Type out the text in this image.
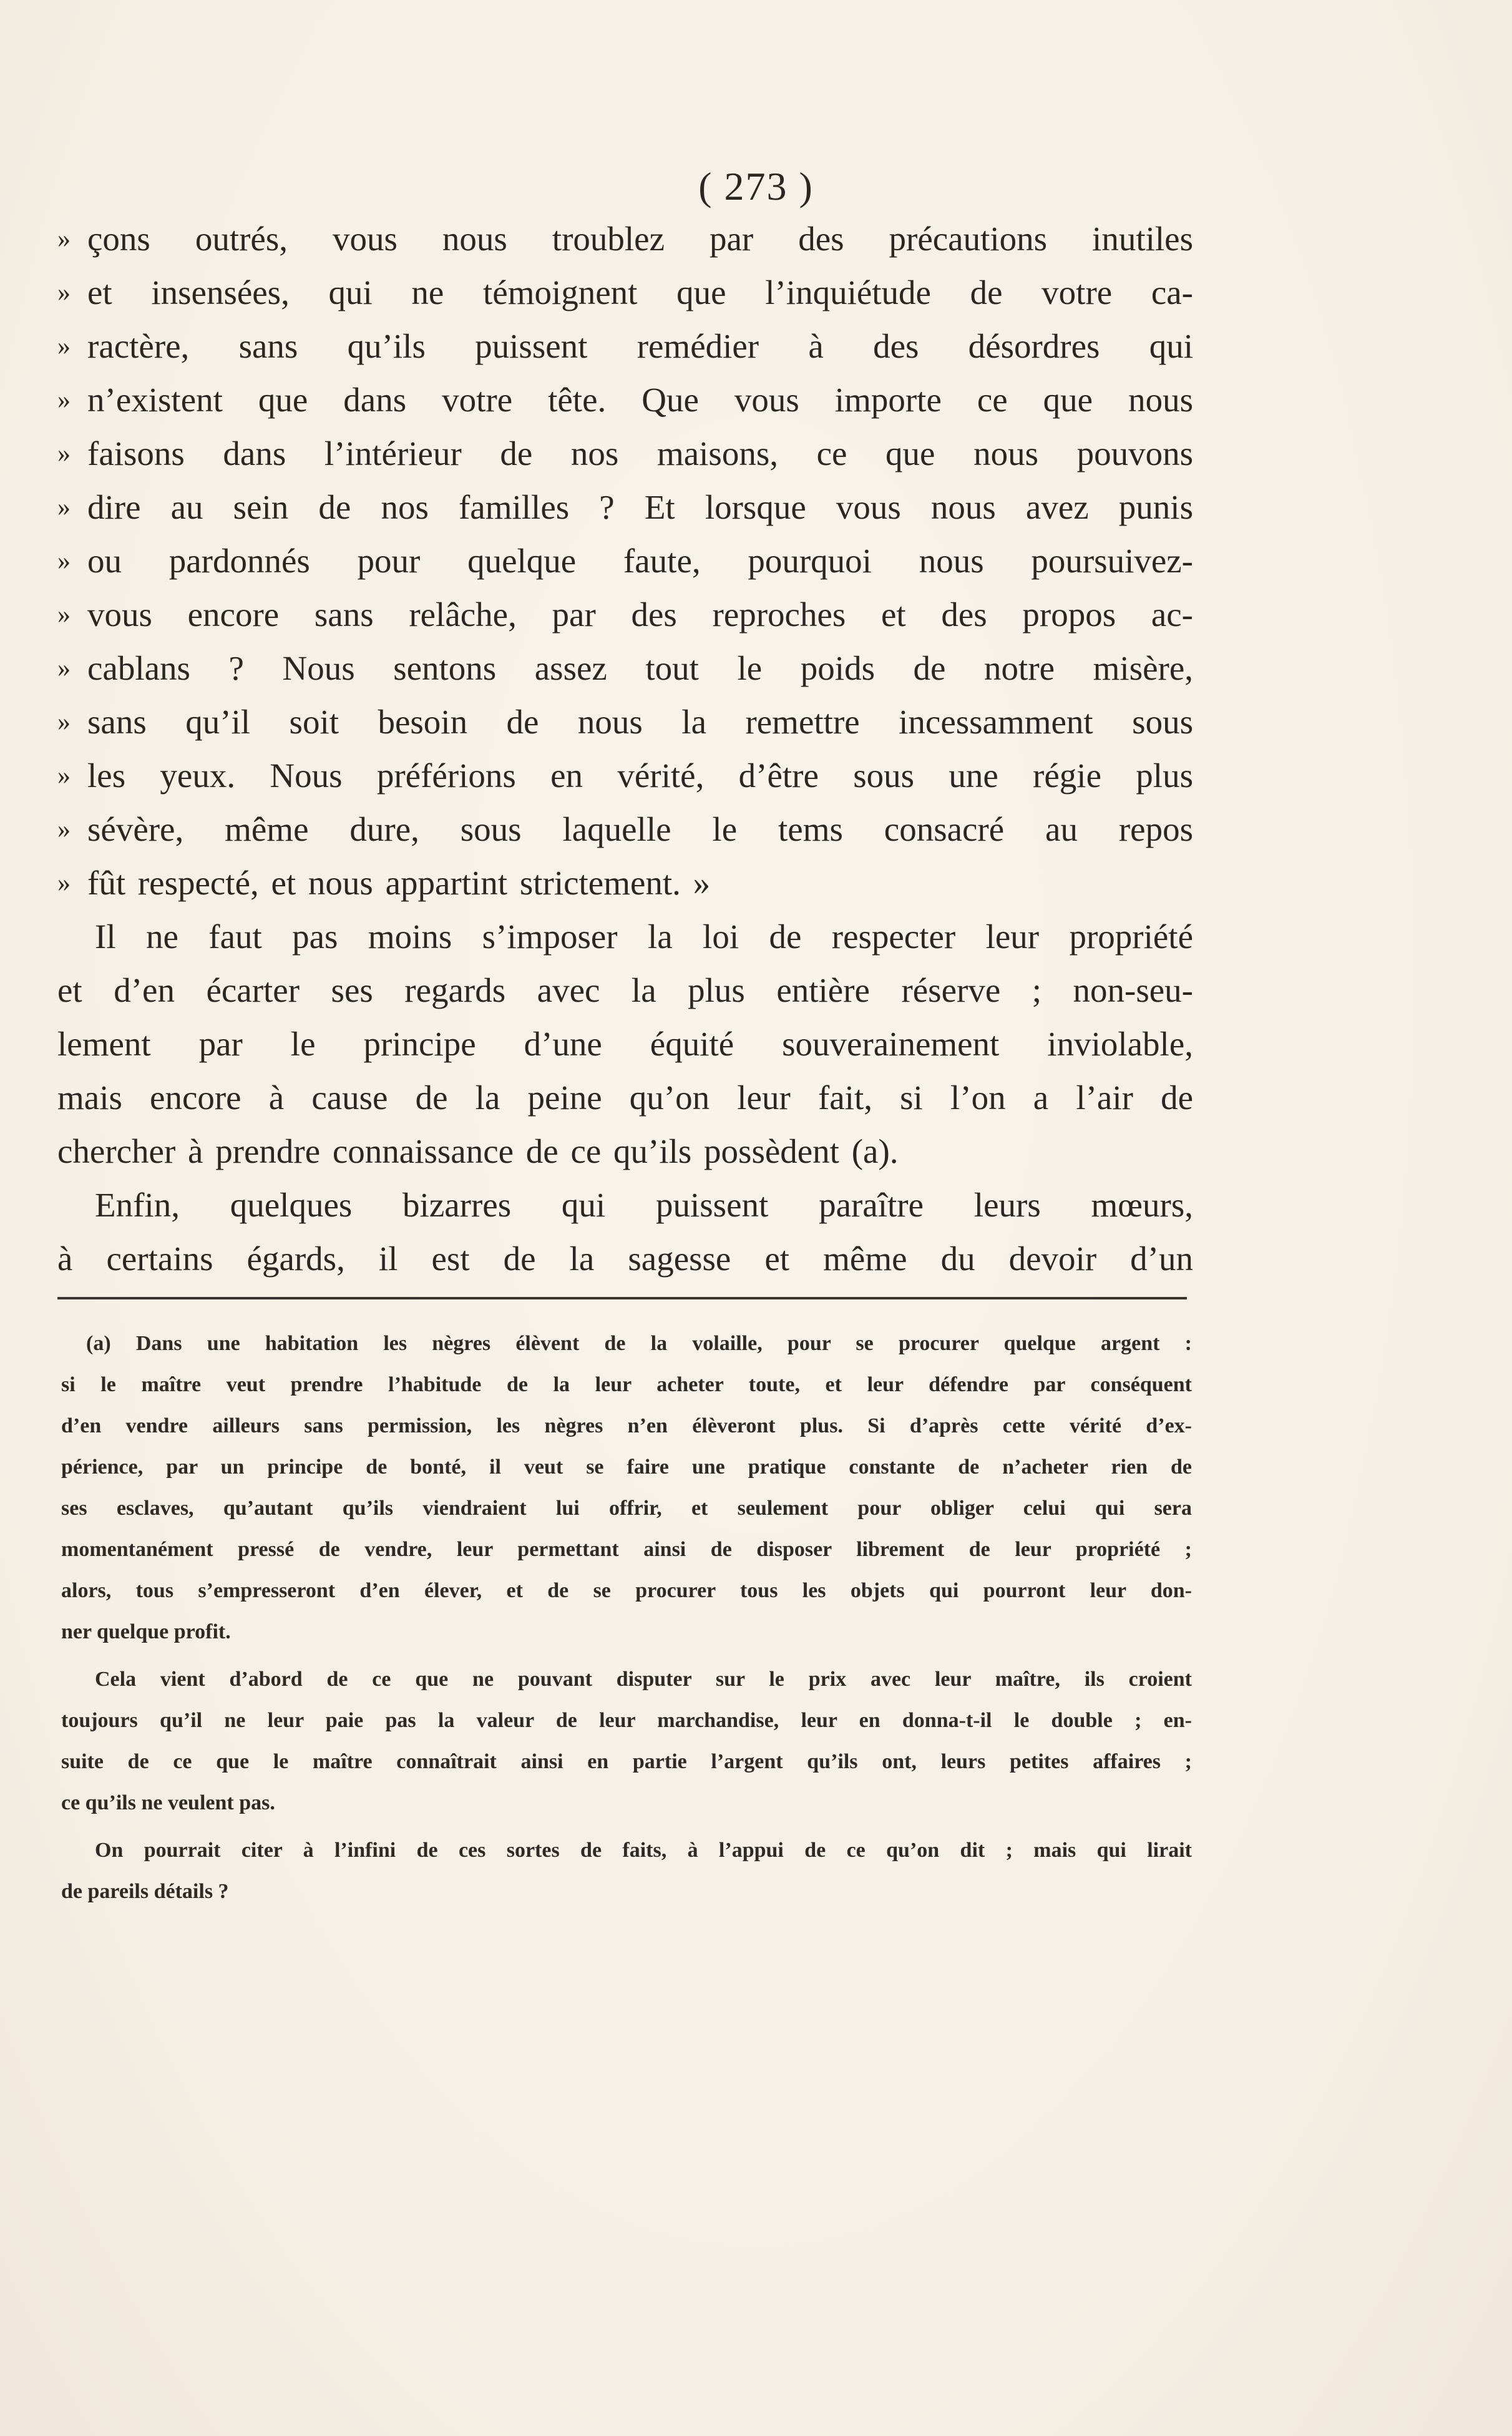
( 273 )
» çons outrés, vous nous troublez par des précautions inutiles
» et insensées, qui ne témoignent que l’inquiétude de votre ca-
» ractère, sans qu’ils puissent remédier à des désordres qui
» n’existent que dans votre tête. Que vous importe ce que nous
» faisons dans l’intérieur de nos maisons, ce que nous pouvons
» dire au sein de nos familles ? Et lorsque vous nous avez punis
» ou pardonnés pour quelque faute, pourquoi nous poursuivez-
» vous encore sans relâche, par des reproches et des propos ac-
» cablans ? Nous sentons assez tout le poids de notre misère,
» sans qu’il soit besoin de nous la remettre incessamment sous
» les yeux. Nous préférions en vérité, d’être sous une régie plus
» sévère, même dure, sous laquelle le tems consacré au repos
» fût respecté, et nous appartint strictement. »
Il ne faut pas moins s’imposer la loi de respecter leur propriété
et d’en écarter ses regards avec la plus entière réserve ; non-seu-
lement par le principe d’une équité souverainement inviolable,
mais encore à cause de la peine qu’on leur fait, si l’on a l’air de
chercher à prendre connaissance de ce qu’ils possèdent (a).
Enfin, quelques bizarres qui puissent paraître leurs mœurs,
à certains égards, il est de la sagesse et même du devoir d’un
(a) Dans une habitation les nègres élèvent de la volaille, pour se procurer quelque argent :
si le maître veut prendre l’habitude de la leur acheter toute, et leur défendre par conséquent
d’en vendre ailleurs sans permission, les nègres n’en élèveront plus. Si d’après cette vérité d’ex-
périence, par un principe de bonté, il veut se faire une pratique constante de n’acheter rien de
ses esclaves, qu’autant qu’ils viendraient lui offrir, et seulement pour obliger celui qui sera
momentanément pressé de vendre, leur permettant ainsi de disposer librement de leur propriété ;
alors, tous s’empresseront d’en élever, et de se procurer tous les objets qui pourront leur don-
ner quelque profit.
Cela vient d’abord de ce que ne pouvant disputer sur le prix avec leur maître, ils croient
toujours qu’il ne leur paie pas la valeur de leur marchandise, leur en donna-t-il le double ; en-
suite de ce que le maître connaîtrait ainsi en partie l’argent qu’ils ont, leurs petites affaires ;
ce qu’ils ne veulent pas.
On pourrait citer à l’infini de ces sortes de faits, à l’appui de ce qu’on dit ; mais qui lirait
de pareils détails ?
